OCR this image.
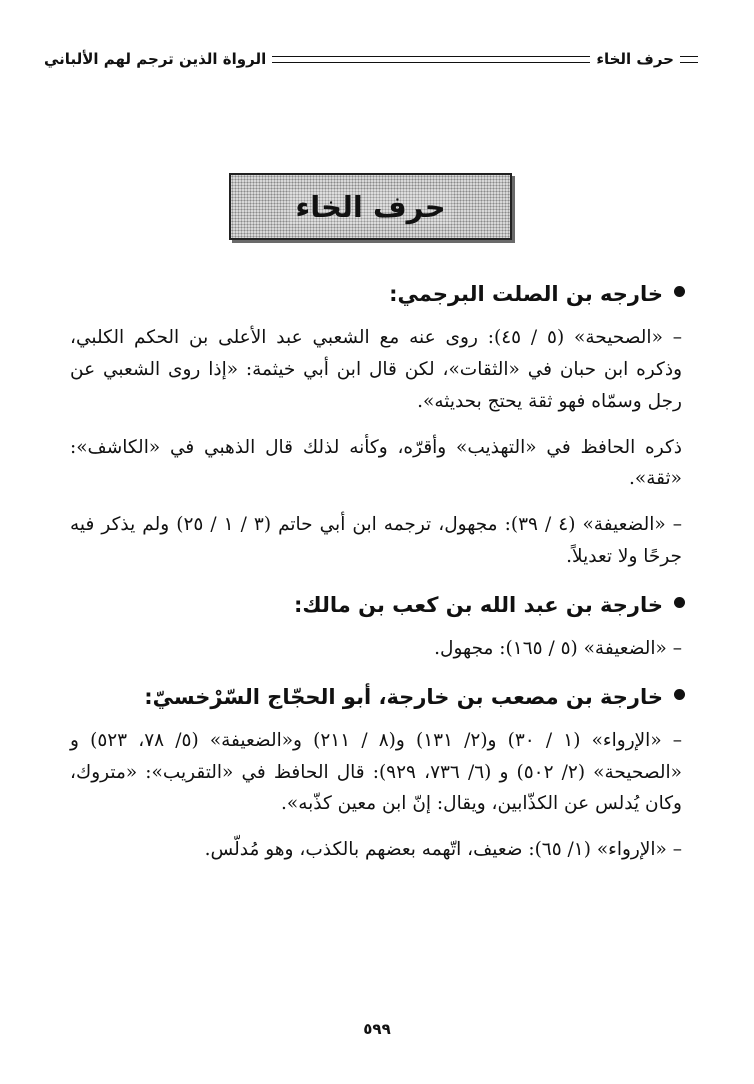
حرف الخاء
الرواة الذين ترجم لهم الألباني
حرف الخاء
خارجه بن الصلت البرجمي:

– «الصحيحة» (٥ / ٤٥): روى عنه مع الشعبي عبد الأعلى بن الحكم الكلبي، وذكره ابن حبان في «الثقات»، لكن قال ابن أبي خيثمة: «إذا روى الشعبي عن رجل وسمّاه فهو ثقة يحتج بحديثه».

ذكره الحافظ في «التهذيب» وأقرّه، وكأنه لذلك قال الذهبي في «الكاشف»: «ثقة».

– «الضعيفة» (٤ / ٣٩): مجهول، ترجمه ابن أبي حاتم (٣ / ١ / ٢٥) ولم يذكر فيه جرحًا ولا تعديلاً.

خارجة بن عبد الله بن كعب بن مالك:

– «الضعيفة» (٥ / ١٦٥): مجهول.

خارجة بن مصعب بن خارجة، أبو الحجّاج السّرْخسيّ:

– «الإرواء» (١ / ٣٠) و(٢/ ١٣١) و(٨ / ٢١١) و«الضعيفة» (٥/ ٧٨، ٥٢٣) و «الصحيحة» (٢/ ٥٠٢) و (٦/ ٧٣٦، ٩٢٩): قال الحافظ في «التقريب»: «متروك، وكان يُدلس عن الكذّابين، ويقال: إنّ ابن معين كذّبه».

– «الإرواء» (١/ ٦٥): ضعيف، اتّهمه بعضهم بالكذب، وهو مُدلّس.

٥٩٩
